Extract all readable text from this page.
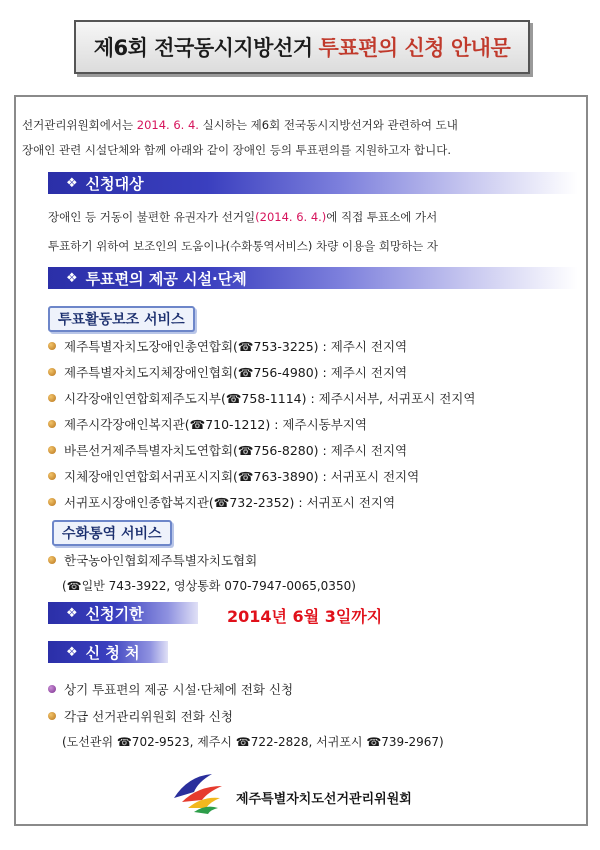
제6회 전국동시지방선거 투표편의 신청 안내문
선거관리위원회에서는 2014. 6. 4. 실시하는 제6회 전국동시지방선거와 관련하여 도내
장애인 관련 시설단체와 함께 아래와 같이 장애인 등의 투표편의를 지원하고자 합니다.
❖ 신청대상
장애인 등 거동이 불편한 유권자가 선거일(2014. 6. 4.)에 직접 투표소에 가서
투표하기 위하여 보조인의 도움이나(수화통역서비스) 차량 이용을 희망하는 자
❖ 투표편의 제공 시설·단체
투표활동보조 서비스
제주특별자치도장애인총연합회(☎753-3225) : 제주시 전지역
제주특별자치도지체장애인협회(☎756-4980) : 제주시 전지역
시각장애인연합회제주도지부(☎758-1114) : 제주시서부, 서귀포시 전지역
제주시각장애인복지관(☎710-1212) : 제주시동부지역
바른선거제주특별자치도연합회(☎756-8280) : 제주시 전지역
지체장애인연합회서귀포시지회(☎763-3890) : 서귀포시 전지역
서귀포시장애인종합복지관(☎732-2352) : 서귀포시 전지역
수화통역 서비스
한국농아인협회제주특별자치도협회
(☎일반 743-3922, 영상통화 070-7947-0065,0350)
❖ 신청기한	2014년 6월 3일까지
❖ 신 청 처
상기 투표편의 제공 시설·단체에 전화 신청
각급 선거관리위원회 전화 신청
(도선관위 ☎702-9523, 제주시 ☎722-2828, 서귀포시 ☎739-2967)
제주특별자치도선거관리위원회
